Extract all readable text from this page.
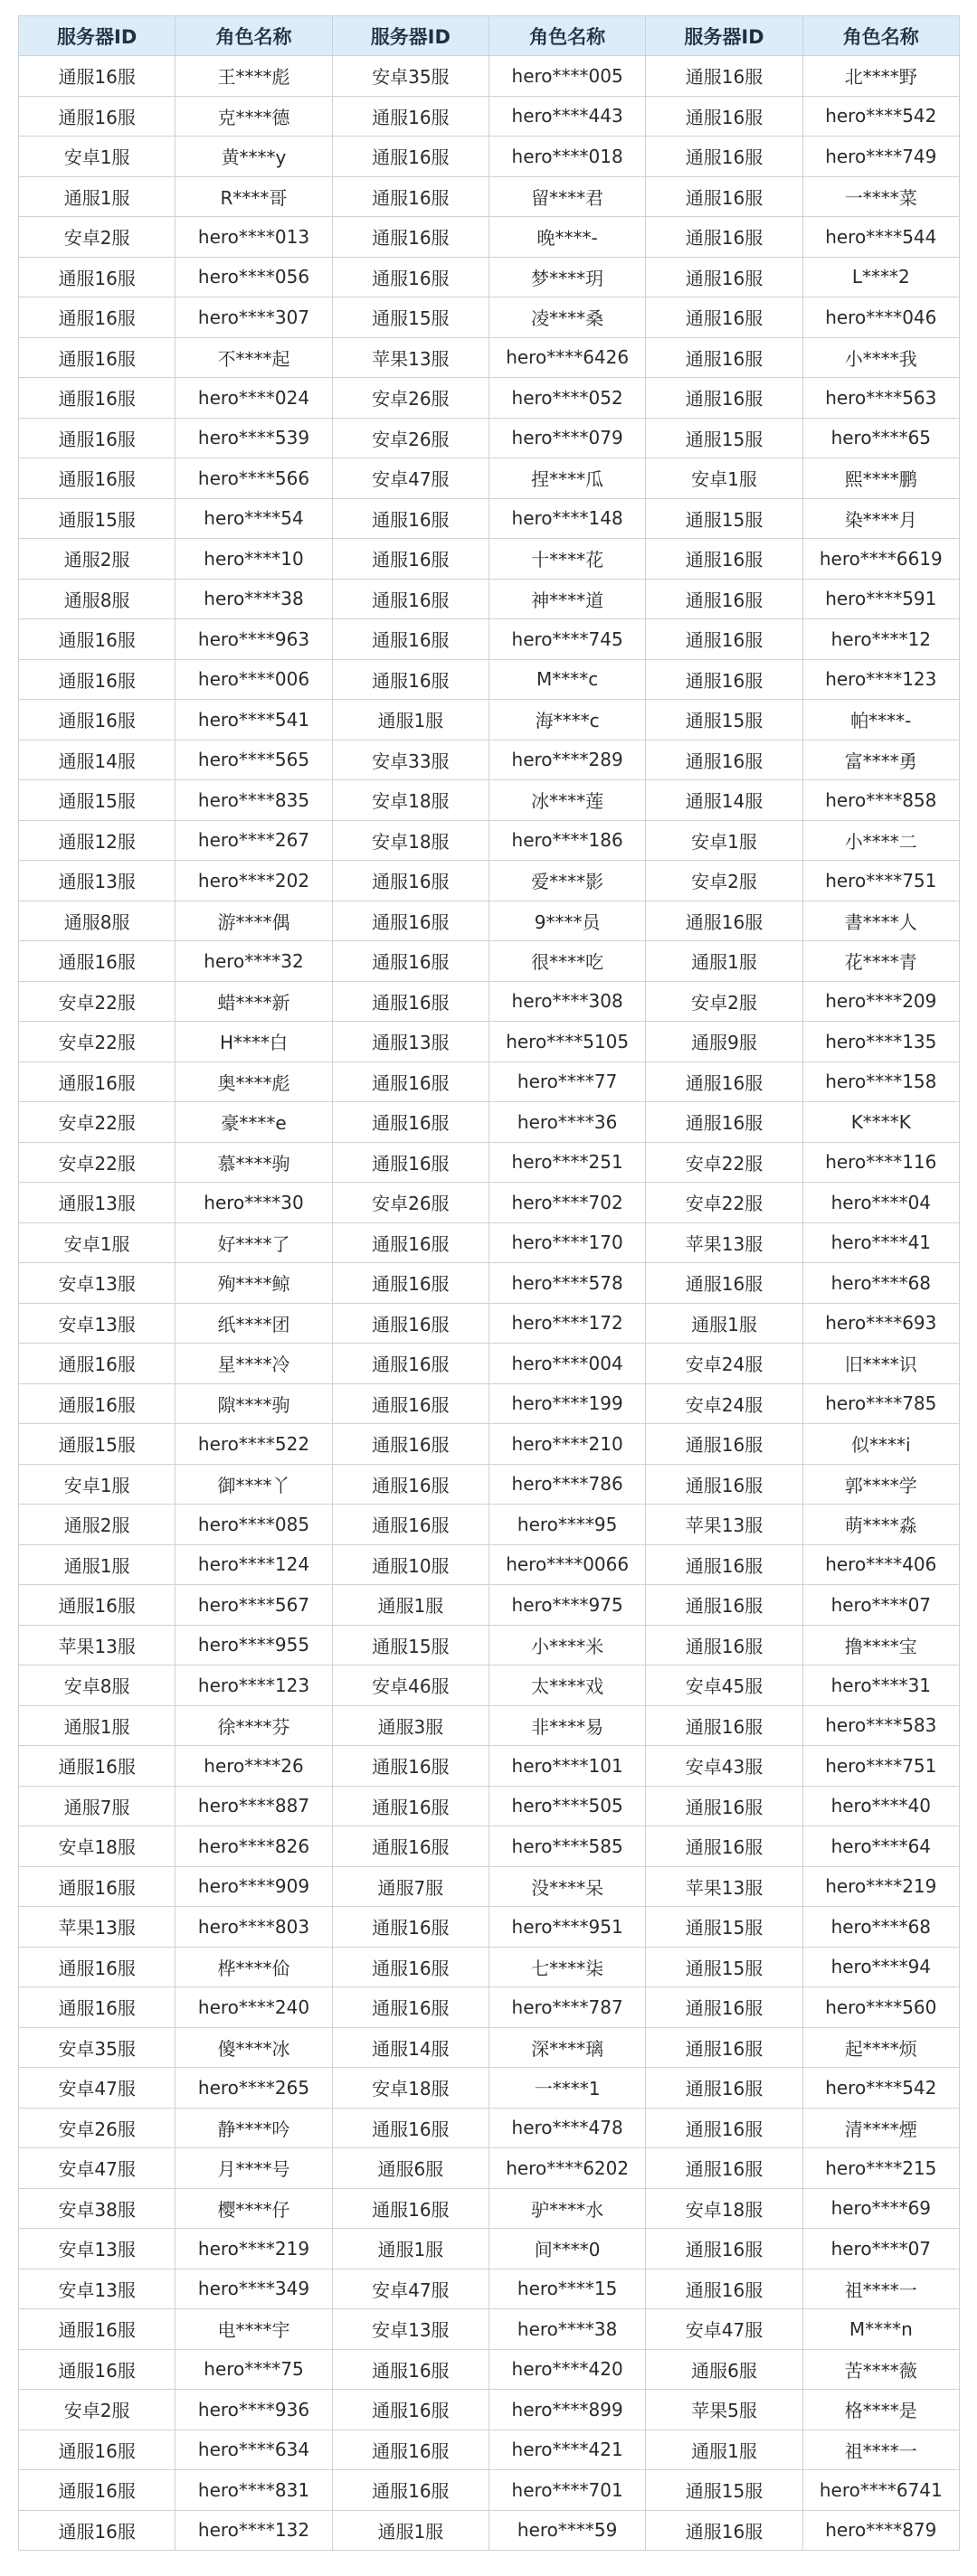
服务器ID	角色名称	服务器ID	角色名称	服务器ID	角色名称
通服16服	王****彪	安卓35服	hero****005	通服16服	北****野
通服16服	克****德	通服16服	hero****443	通服16服	hero****542
安卓1服	黄****y	通服16服	hero****018	通服16服	hero****749
通服1服	R****哥	通服16服	留****君	通服16服	一****菜
安卓2服	hero****013	通服16服	晚****-	通服16服	hero****544
通服16服	hero****056	通服16服	梦****玥	通服16服	L****2
通服16服	hero****307	通服15服	凌****桑	通服16服	hero****046
通服16服	不****起	苹果13服	hero****6426	通服16服	小****我
通服16服	hero****024	安卓26服	hero****052	通服16服	hero****563
通服16服	hero****539	安卓26服	hero****079	通服15服	hero****65
通服16服	hero****566	安卓47服	捏****瓜	安卓1服	熙****鹏
通服15服	hero****54	通服16服	hero****148	通服15服	染****月
通服2服	hero****10	通服16服	十****花	通服16服	hero****6619
通服8服	hero****38	通服16服	神****道	通服16服	hero****591
通服16服	hero****963	通服16服	hero****745	通服16服	hero****12
通服16服	hero****006	通服16服	M****c	通服16服	hero****123
通服16服	hero****541	通服1服	海****c	通服15服	帕****-
通服14服	hero****565	安卓33服	hero****289	通服16服	富****勇
通服15服	hero****835	安卓18服	冰****莲	通服14服	hero****858
通服12服	hero****267	安卓18服	hero****186	安卓1服	小****二
通服13服	hero****202	通服16服	爱****影	安卓2服	hero****751
通服8服	游****偶	通服16服	9****员	通服16服	書****人
通服16服	hero****32	通服16服	很****吃	通服1服	花****青
安卓22服	蜡****新	通服16服	hero****308	安卓2服	hero****209
安卓22服	H****白	通服13服	hero****5105	通服9服	hero****135
通服16服	奥****彪	通服16服	hero****77	通服16服	hero****158
安卓22服	豪****e	通服16服	hero****36	通服16服	K****K
安卓22服	慕****驹	通服16服	hero****251	安卓22服	hero****116
通服13服	hero****30	安卓26服	hero****702	安卓22服	hero****04
安卓1服	好****了	通服16服	hero****170	苹果13服	hero****41
安卓13服	殉****鲸	通服16服	hero****578	通服16服	hero****68
安卓13服	纸****团	通服16服	hero****172	通服1服	hero****693
通服16服	星****冷	通服16服	hero****004	安卓24服	旧****识
通服16服	隙****驹	通服16服	hero****199	安卓24服	hero****785
通服15服	hero****522	通服16服	hero****210	通服16服	似****i
安卓1服	御****丫	通服16服	hero****786	通服16服	郭****学
通服2服	hero****085	通服16服	hero****95	苹果13服	萌****淼
通服1服	hero****124	通服10服	hero****0066	通服16服	hero****406
通服16服	hero****567	通服1服	hero****975	通服16服	hero****07
苹果13服	hero****955	通服15服	小****米	通服16服	撸****宝
安卓8服	hero****123	安卓46服	太****戏	安卓45服	hero****31
通服1服	徐****芬	通服3服	非****易	通服16服	hero****583
通服16服	hero****26	通服16服	hero****101	安卓43服	hero****751
通服7服	hero****887	通服16服	hero****505	通服16服	hero****40
安卓18服	hero****826	通服16服	hero****585	通服16服	hero****64
通服16服	hero****909	通服7服	没****呆	苹果13服	hero****219
苹果13服	hero****803	通服16服	hero****951	通服15服	hero****68
通服16服	桦****佡	通服16服	七****柒	通服15服	hero****94
通服16服	hero****240	通服16服	hero****787	通服16服	hero****560
安卓35服	傻****冰	通服14服	深****璃	通服16服	起****烦
安卓47服	hero****265	安卓18服	一****1	通服16服	hero****542
安卓26服	静****吟	通服16服	hero****478	通服16服	清****煙
安卓47服	月****号	通服6服	hero****6202	通服16服	hero****215
安卓38服	樱****仔	通服16服	驴****水	安卓18服	hero****69
安卓13服	hero****219	通服1服	间****0	通服16服	hero****07
安卓13服	hero****349	安卓47服	hero****15	通服16服	祖****一
通服16服	电****宇	安卓13服	hero****38	安卓47服	M****n
通服16服	hero****75	通服16服	hero****420	通服6服	苦****薇
安卓2服	hero****936	通服16服	hero****899	苹果5服	格****是
通服16服	hero****634	通服16服	hero****421	通服1服	祖****一
通服16服	hero****831	通服16服	hero****701	通服15服	hero****6741
通服16服	hero****132	通服1服	hero****59	通服16服	hero****879
